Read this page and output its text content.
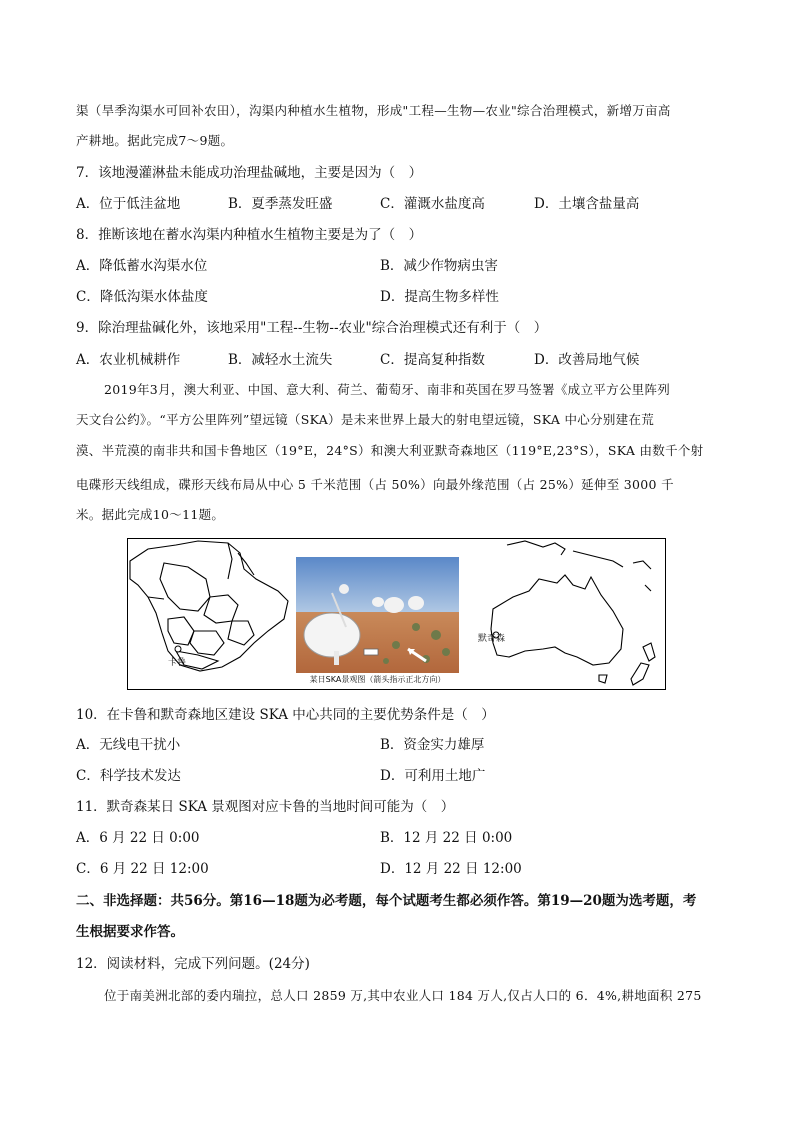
渠（旱季沟渠水可回补农田），沟渠内种植水生植物，形成"工程—生物—农业"综合治理模式，新增万亩高
产耕地。据此完成7～9题。
7．该地漫灌淋盐未能成功治理盐碱地，主要是因为（　）
A．位于低洼盆地	B．夏季蒸发旺盛	C．灌溉水盐度高	D．土壤含盐量高
8．推断该地在蓄水沟渠内种植水生植物主要是为了（　）
A．降低蓄水沟渠水位	B．减少作物病虫害
C．降低沟渠水体盐度	D．提高生物多样性
9．除治理盐碱化外，该地采用"工程--生物--农业"综合治理模式还有利于（　）
A．农业机械耕作	B．减轻水土流失	C．提高复种指数	D．改善局地气候
2019年3月，澳大利亚、中国、意大利、荷兰、葡萄牙、南非和英国在罗马签署《成立平方公里阵列
天文台公约》。“平方公里阵列”望远镜（SKA）是未来世界上最大的射电望远镜，SKA 中心分别建在荒
漠、半荒漠的南非共和国卡鲁地区（19°E，24°S）和澳大利亚默奇森地区（119°E,23°S），SKA 由数千个射
电碟形天线组成，碟形天线布局从中心 5 千米范围（占 50%）向最外缘范围（占 25%）延伸至 3000 千
米。据此完成10～11题。
卡鲁
某日SKA景观图（箭头指示正北方向）
默奇森
10．在卡鲁和默奇森地区建设 SKA 中心共同的主要优势条件是（　）
A．无线电干扰小	B．资金实力雄厚
C．科学技术发达	D．可利用土地广
11．默奇森某日 SKA 景观图对应卡鲁的当地时间可能为（　）
A．6 月 22 日 0:00	B．12 月 22 日 0:00
C．6 月 22 日 12:00	D．12 月 22 日 12:00
二、非选择题：共56分。第16—18题为必考题，每个试题考生都必须作答。第19—20题为选考题，考
生根据要求作答。
12．阅读材料，完成下列问题。(24分)
位于南美洲北部的委内瑞拉，总人口 2859 万,其中农业人口 184 万人,仅占人口的 6．4%,耕地面积 275
